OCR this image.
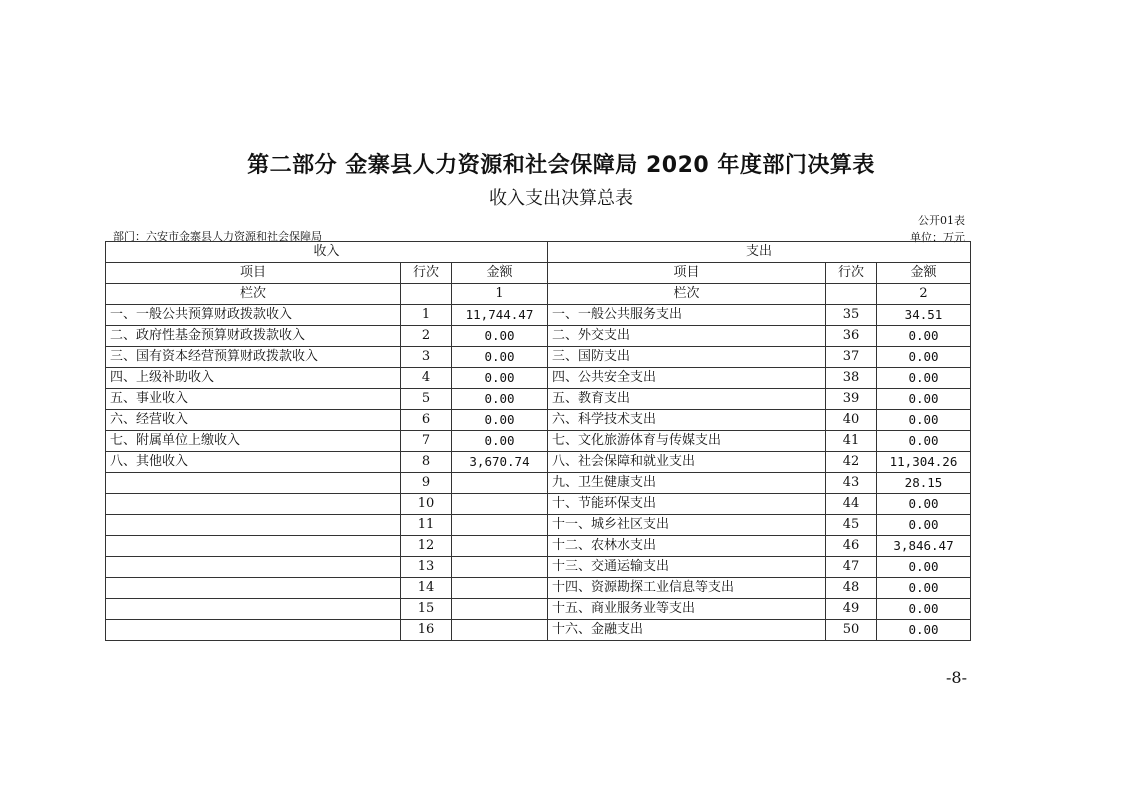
第二部分 金寨县人力资源和社会保障局 2020 年度部门决算表
收入支出决算总表
公开01表
部门：六安市金寨县人力资源和社会保障局	单位：万元
收入			支出		
项目	行次	金额	项目	行次	金额
栏次		1	栏次		2
一、一般公共预算财政拨款收入	1	11,744.47	一、一般公共服务支出	35	34.51
二、政府性基金预算财政拨款收入	2	0.00	二、外交支出	36	0.00
三、国有资本经营预算财政拨款收入	3	0.00	三、国防支出	37	0.00
四、上级补助收入	4	0.00	四、公共安全支出	38	0.00
五、事业收入	5	0.00	五、教育支出	39	0.00
六、经营收入	6	0.00	六、科学技术支出	40	0.00
七、附属单位上缴收入	7	0.00	七、文化旅游体育与传媒支出	41	0.00
八、其他收入	8	3,670.74	八、社会保障和就业支出	42	11,304.26
	9		九、卫生健康支出	43	28.15
	10		十、节能环保支出	44	0.00
	11		十一、城乡社区支出	45	0.00
	12		十二、农林水支出	46	3,846.47
	13		十三、交通运输支出	47	0.00
	14		十四、资源勘探工业信息等支出	48	0.00
	15		十五、商业服务业等支出	49	0.00
	16		十六、金融支出	50	0.00
-8-
